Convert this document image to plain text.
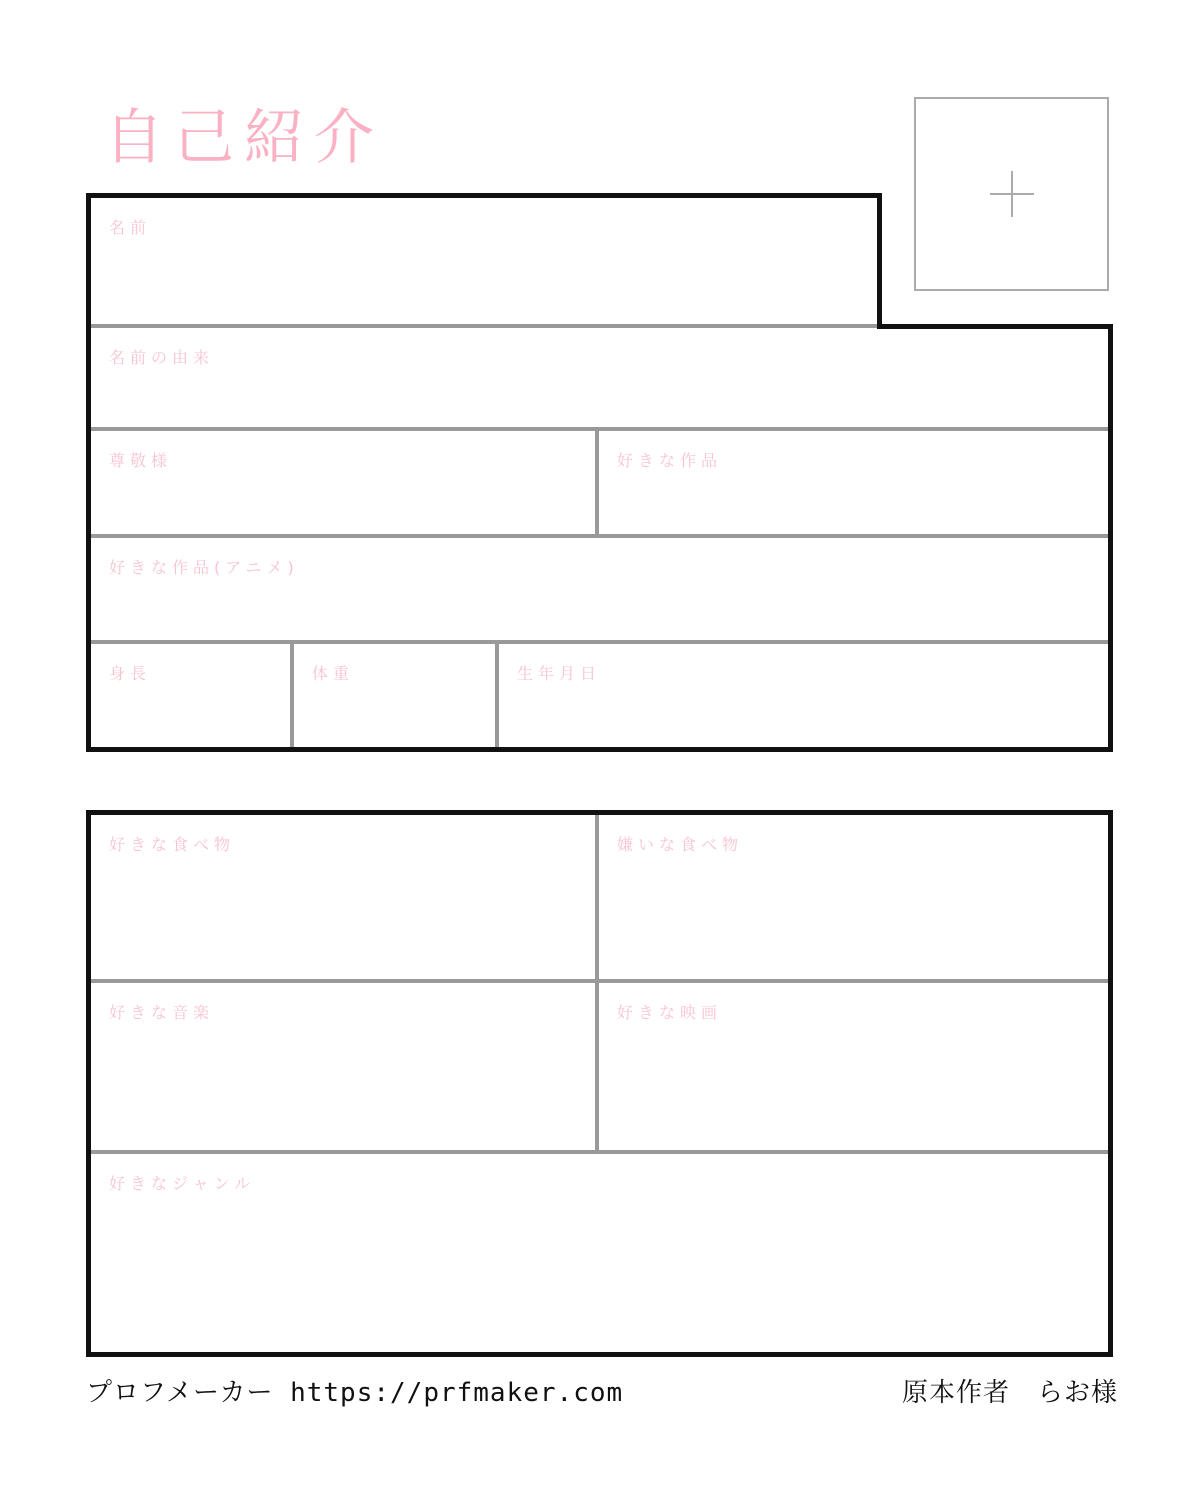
自己紹介
名前
名前の由来
尊敬様	好きな作品
好きな作品(アニメ)
身長	体重	生年月日
好きな食べ物	嫌いな食べ物
好きな音楽	好きな映画
好きなジャンル
プロフメーカー https://prfmaker.com	原本作者　らお様
